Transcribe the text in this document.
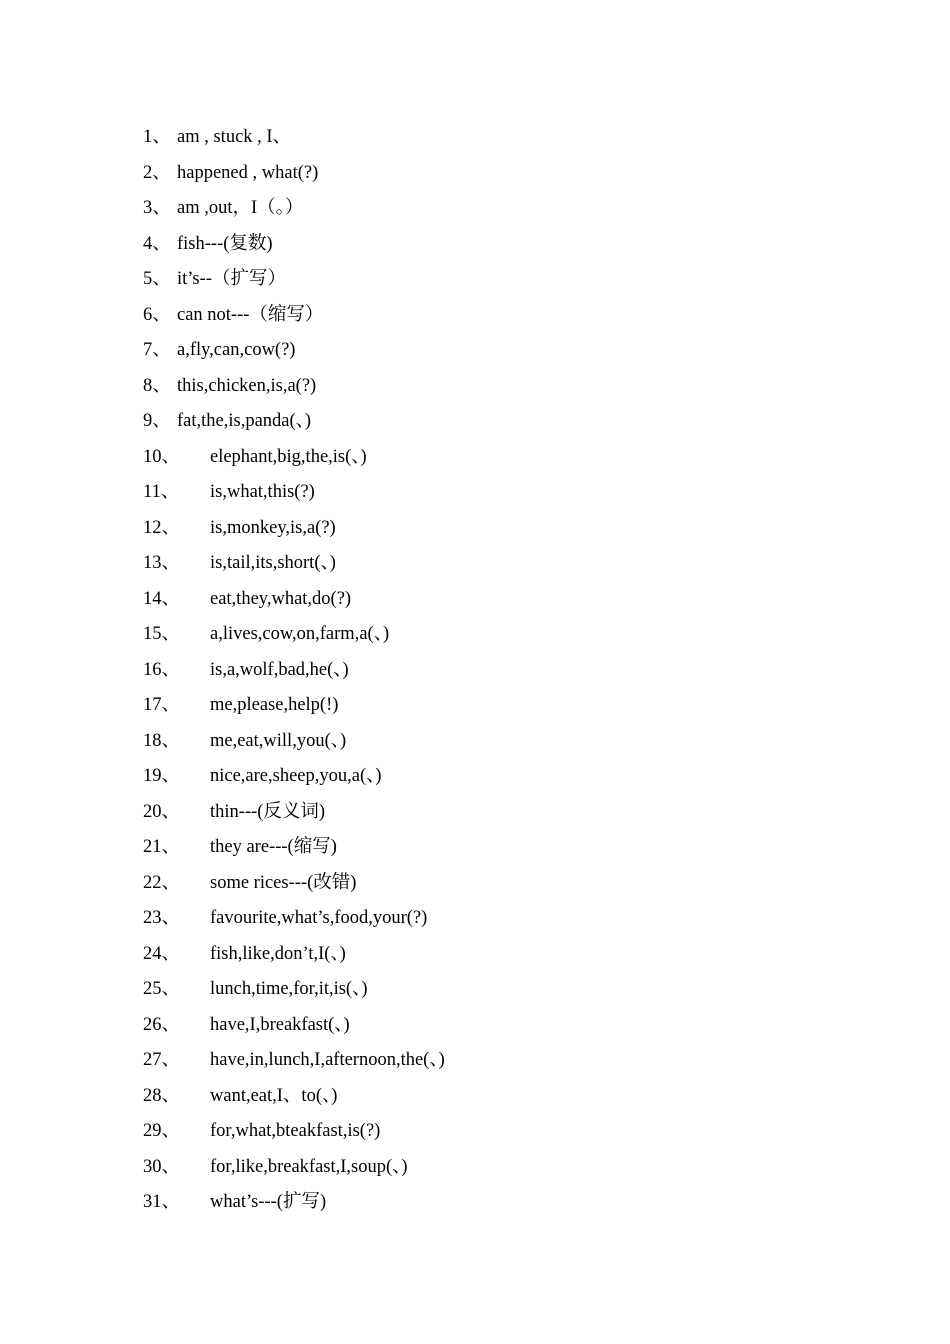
1、 am , stuck , I、
2、 happened , what(?)
3、 am ,out，I（。）
4、 fish---(复数)
5、 it’s--（扩写）
6、 can not---（缩写）
7、 a,fly,can,cow(?)
8、 this,chicken,is,a(?)
9、 fat,the,is,panda(、)
10、 elephant,big,the,is(、)
11、 is,what,this(?)
12、 is,monkey,is,a(?)
13、 is,tail,its,short(、)
14、 eat,they,what,do(?)
15、 a,lives,cow,on,farm,a(、)
16、 is,a,wolf,bad,he(、)
17、 me,please,help(!)
18、 me,eat,will,you(、)
19、 nice,are,sheep,you,a(、)
20、 thin---(反义词)
21、 they are---(缩写)
22、 some rices---(改错)
23、 favourite,what’s,food,your(?)
24、 fish,like,don’t,I(、)
25、 lunch,time,for,it,is(、)
26、 have,I,breakfast(、)
27、 have,in,lunch,I,afternoon,the(、)
28、 want,eat,I、to(、)
29、 for,what,bteakfast,is(?)
30、 for,like,breakfast,I,soup(、)
31、 what’s---(扩写)
